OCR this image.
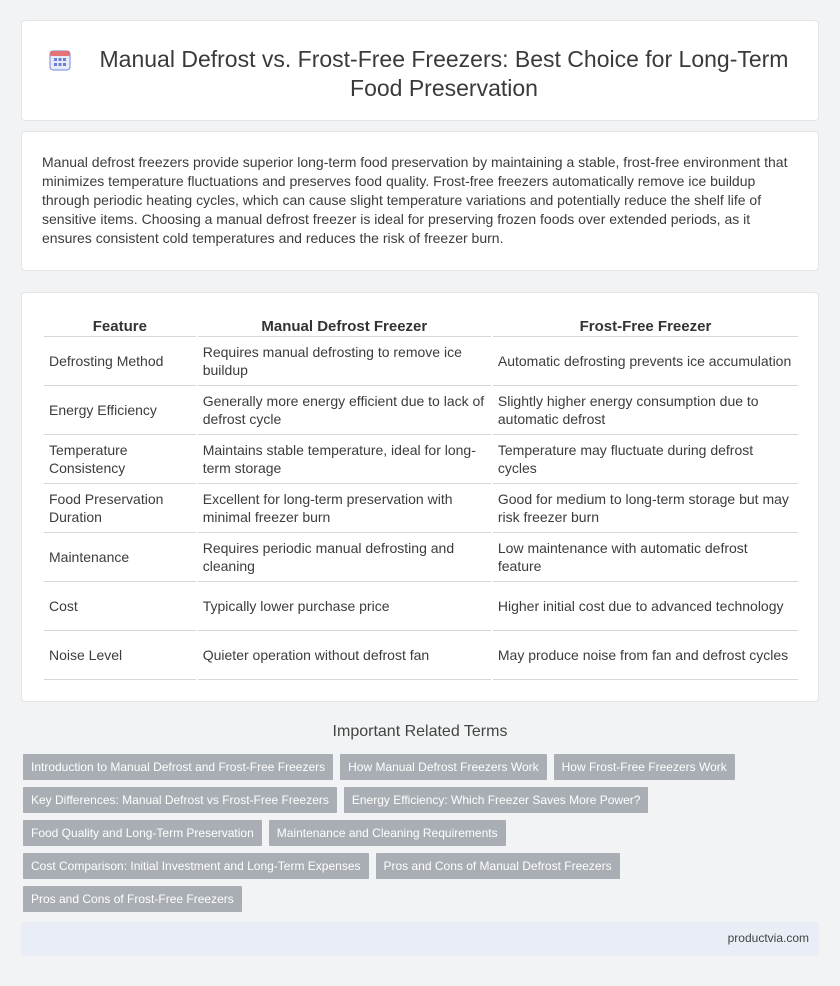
Manual Defrost vs. Frost-Free Freezers: Best Choice for Long-Term Food Preservation

Manual defrost freezers provide superior long-term food preservation by maintaining a stable, frost-free environment that minimizes temperature fluctuations and preserves food quality. Frost-free freezers automatically remove ice buildup through periodic heating cycles, which can cause slight temperature variations and potentially reduce the shelf life of sensitive items. Choosing a manual defrost freezer is ideal for preserving frozen foods over extended periods, as it ensures consistent cold temperatures and reduces the risk of freezer burn.

Feature	Manual Defrost Freezer	Frost-Free Freezer
Defrosting Method	Requires manual defrosting to remove ice buildup	Automatic defrosting prevents ice accumulation
Energy Efficiency	Generally more energy efficient due to lack of defrost cycle	Slightly higher energy consumption due to automatic defrost
Temperature Consistency	Maintains stable temperature, ideal for long-term storage	Temperature may fluctuate during defrost cycles
Food Preservation Duration	Excellent for long-term preservation with minimal freezer burn	Good for medium to long-term storage but may risk freezer burn
Maintenance	Requires periodic manual defrosting and cleaning	Low maintenance with automatic defrost feature
Cost	Typically lower purchase price	Higher initial cost due to advanced technology
Noise Level	Quieter operation without defrost fan	May produce noise from fan and defrost cycles
Important Related Terms
Introduction to Manual Defrost and Frost-Free Freezers	How Manual Defrost Freezers Work	How Frost-Free Freezers Work
Key Differences: Manual Defrost vs Frost-Free Freezers	Energy Efficiency: Which Freezer Saves More Power?
Food Quality and Long-Term Preservation	Maintenance and Cleaning Requirements
Cost Comparison: Initial Investment and Long-Term Expenses	Pros and Cons of Manual Defrost Freezers
Pros and Cons of Frost-Free Freezers
productvia.com
